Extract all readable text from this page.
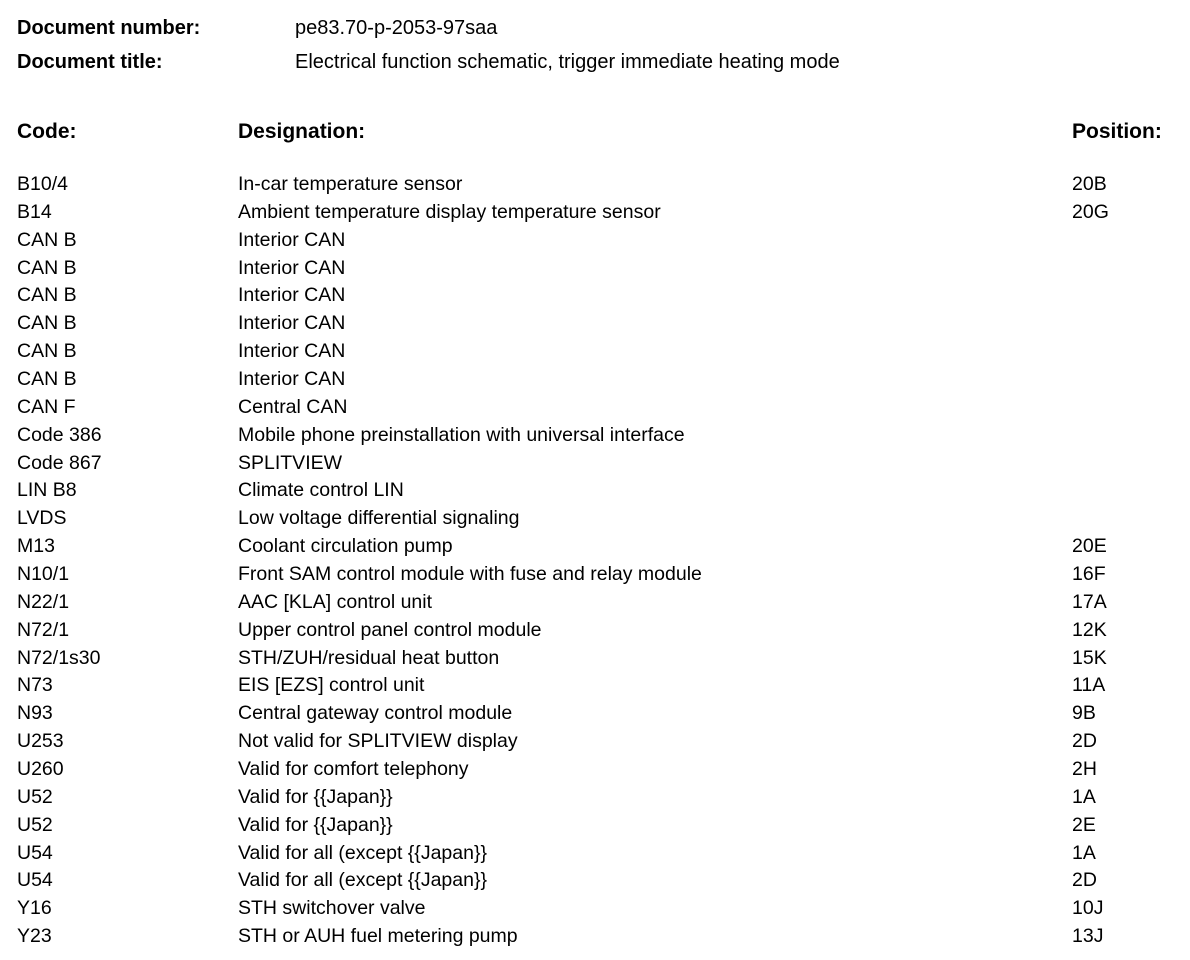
Document number:	pe83.70-p-2053-97saa
Document title:	Electrical function schematic, trigger immediate heating mode
Code:	Designation:	Position:
B10/4	In-car temperature sensor	20B
B14	Ambient temperature display temperature sensor	20G
CAN B	Interior CAN
CAN B	Interior CAN
CAN B	Interior CAN
CAN B	Interior CAN
CAN B	Interior CAN
CAN B	Interior CAN
CAN F	Central CAN
Code 386	Mobile phone preinstallation with universal interface
Code 867	SPLITVIEW
LIN B8	Climate control LIN
LVDS	Low voltage differential signaling
M13	Coolant circulation pump	20E
N10/1	Front SAM control module with fuse and relay module	16F
N22/1	AAC [KLA] control unit	17A
N72/1	Upper control panel control module	12K
N72/1s30	STH/ZUH/residual heat button	15K
N73	EIS [EZS] control unit	11A
N93	Central gateway control module	9B
U253	Not valid for SPLITVIEW display	2D
U260	Valid for comfort telephony	2H
U52	Valid for {{Japan}}	1A
U52	Valid for {{Japan}}	2E
U54	Valid for all (except {{Japan}}	1A
U54	Valid for all (except {{Japan}}	2D
Y16	STH switchover valve	10J
Y23	STH or AUH fuel metering pump	13J
